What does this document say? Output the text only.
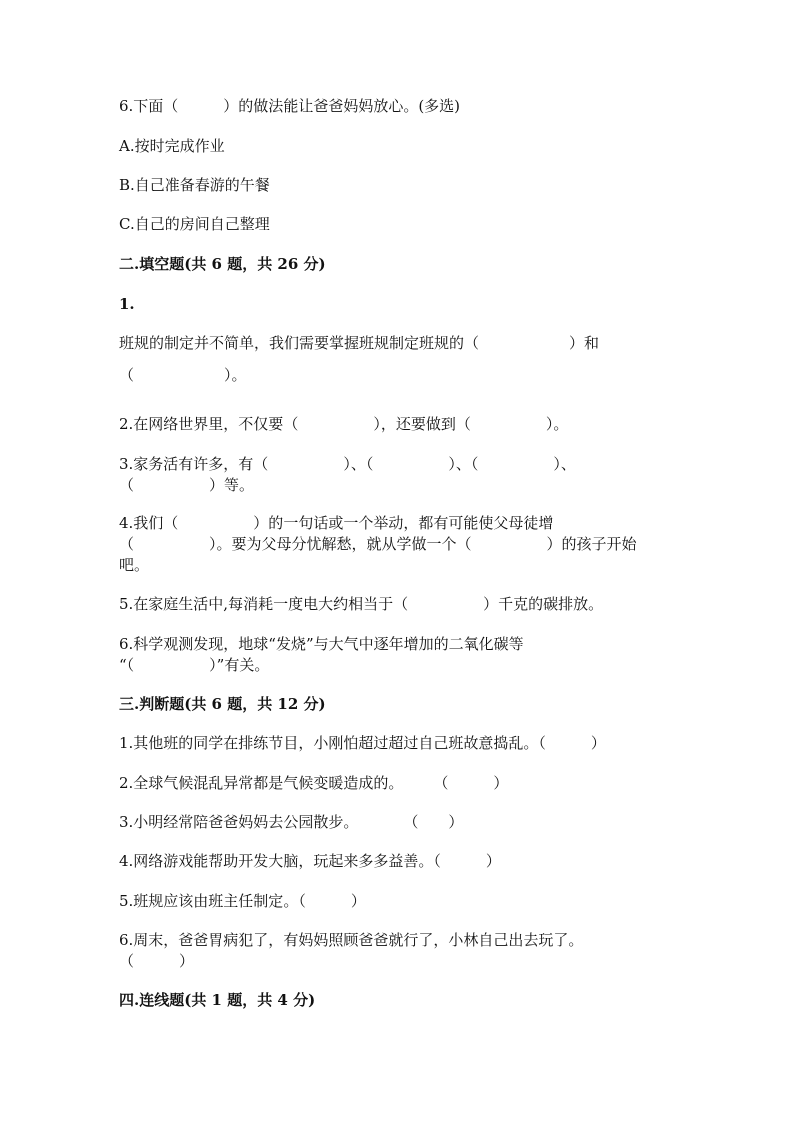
6.下面（　　　）的做法能让爸爸妈妈放心。(多选)
A.按时完成作业
B.自己准备春游的午餐
C.自己的房间自己整理
二.填空题(共 6 题，共 26 分)
1.
班规的制定并不简单，我们需要掌握班规制定班规的（　　　　　　）和
（　　　　　　）。
2.在网络世界里，不仅要（　　　　　），还要做到（　　　　　）。
3.家务活有许多，有（　　　　　）、（　　　　　）、（　　　　　）、
（　　　　　）等。
4.我们（　　　　　）的一句话或一个举动，都有可能使父母徒增
（　　　　　）。要为父母分忧解愁，就从学做一个（　　　　　）的孩子开始
吧。
5.在家庭生活中,每消耗一度电大约相当于（　　　　　）千克的碳排放。
6.科学观测发现，地球“发烧”与大气中逐年增加的二氧化碳等
“（　　　　　）”有关。
三.判断题(共 6 题，共 12 分)
1.其他班的同学在排练节目，小刚怕超过超过自己班故意捣乱。（　　　）
2.全球气候混乱异常都是气候变暖造成的。　　　（　　　）
3.小明经常陪爸爸妈妈去公园散步。　　　　（　　）
4.网络游戏能帮助开发大脑，玩起来多多益善。（　　　）
5.班规应该由班主任制定。（　　　）
6.周末，爸爸胃病犯了，有妈妈照顾爸爸就行了，小林自己出去玩了。
（　　　）
四.连线题(共 1 题，共 4 分)
